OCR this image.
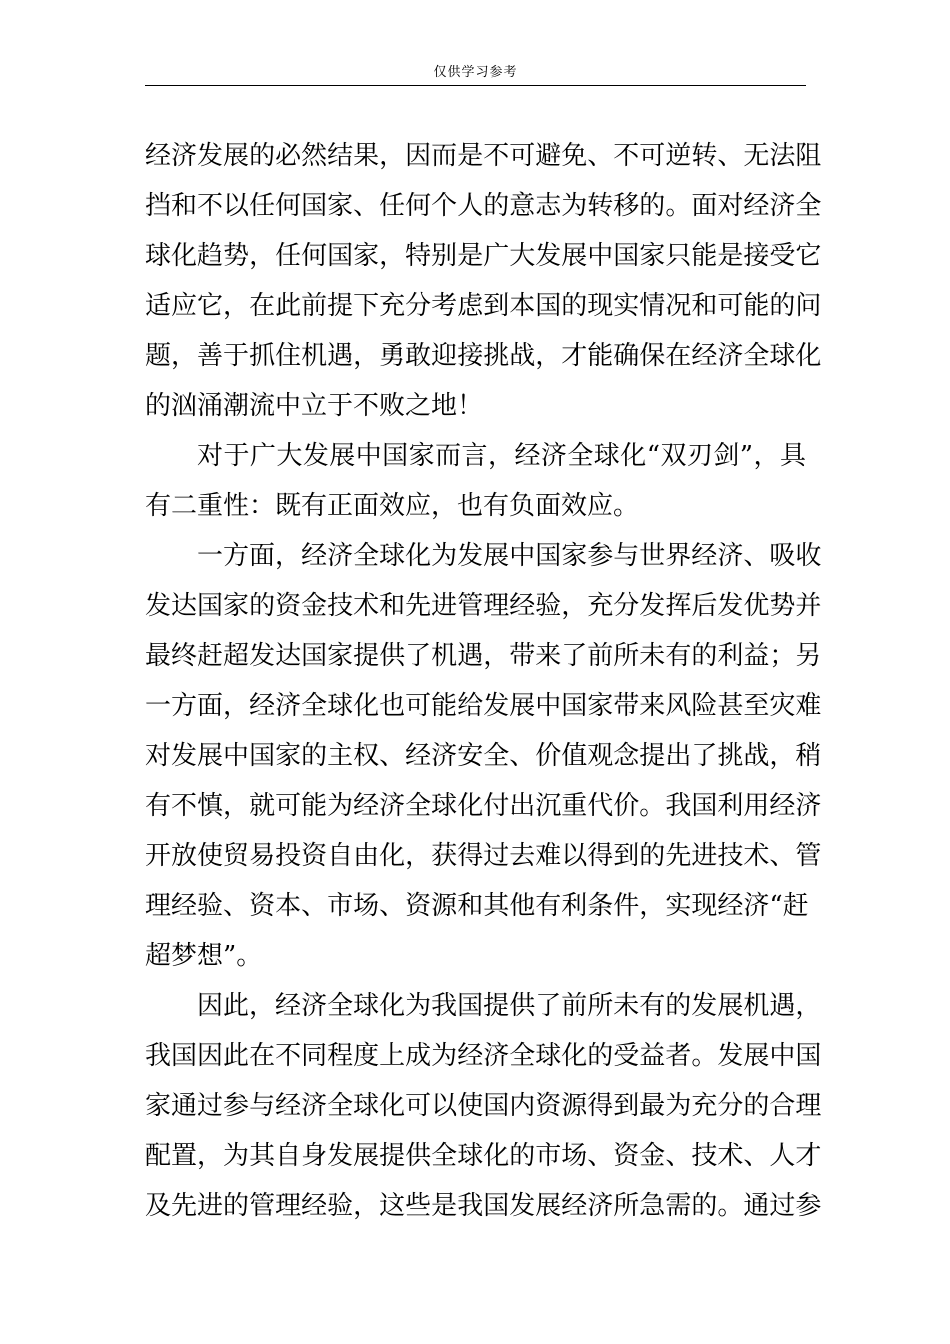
仅供学习参考
经 济 发 展 的 必 然 结 果 ， 因 而 是 不 可 避 免 、 不 可 逆 转 、 无 法 阻
挡 和 不 以 任 何 国 家 、 任 何 个 人 的 意 志 为 转 移 的 。 面 对 经 济 全
球 化 趋 势 ， 任 何 国 家 ， 特 别 是 广 大 发 展 中 国 家 只 能 是 接 受 它
适 应 它 ， 在 此 前 提 下 充 分 考 虑 到 本 国 的 现 实 情 况 和 可 能 的 问
题 ， 善 于 抓 住 机 遇 ， 勇 敢 迎 接 挑 战 ， 才 能 确 保 在 经 济 全 球 化
的汹涌潮流中立于不败之地！
对 于 广 大 发 展 中 国 家 而 言 ， 经 济 全 球 化 “ 双 刃 剑 ” ， 具
有二重性：既有正面效应，也有负面效应。
一 方 面 ， 经 济 全 球 化 为 发 展 中 国 家 参 与 世 界 经 济 、 吸 收
发 达 国 家 的 资 金 技 术 和 先 进 管 理 经 验 ， 充 分 发 挥 后 发 优 势 并
最 终 赶 超 发 达 国 家 提 供 了 机 遇 ， 带 来 了 前 所 未 有 的 利 益 ； 另
一 方 面 ， 经 济 全 球 化 也 可 能 给 发 展 中 国 家 带 来 风 险 甚 至 灾 难
对 发 展 中 国 家 的 主 权 、 经 济 安 全 、 价 值 观 念 提 出 了 挑 战 ， 稍
有 不 慎 ， 就 可 能 为 经 济 全 球 化 付 出 沉 重 代 价 。 我 国 利 用 经 济
开 放 使 贸 易 投 资 自 由 化 ， 获 得 过 去 难 以 得 到 的 先 进 技 术 、 管
理 经 验 、 资 本 、 市 场 、 资 源 和 其 他 有 利 条 件 ， 实 现 经 济 “ 赶
超梦想”。
因 此 ， 经 济 全 球 化 为 我 国 提 供 了 前 所 未 有 的 发 展 机 遇 ，
我 国 因 此 在 不 同 程 度 上 成 为 经 济 全 球 化 的 受 益 者 。 发 展 中 国
家 通 过 参 与 经 济 全 球 化 可 以 使 国 内 资 源 得 到 最 为 充 分 的 合 理
配 置 ， 为 其 自 身 发 展 提 供 全 球 化 的 市 场 、 资 金 、 技 术 、 人 才
及 先 进 的 管 理 经 验 ， 这 些 是 我 国 发 展 经 济 所 急 需 的 。 通 过 参
